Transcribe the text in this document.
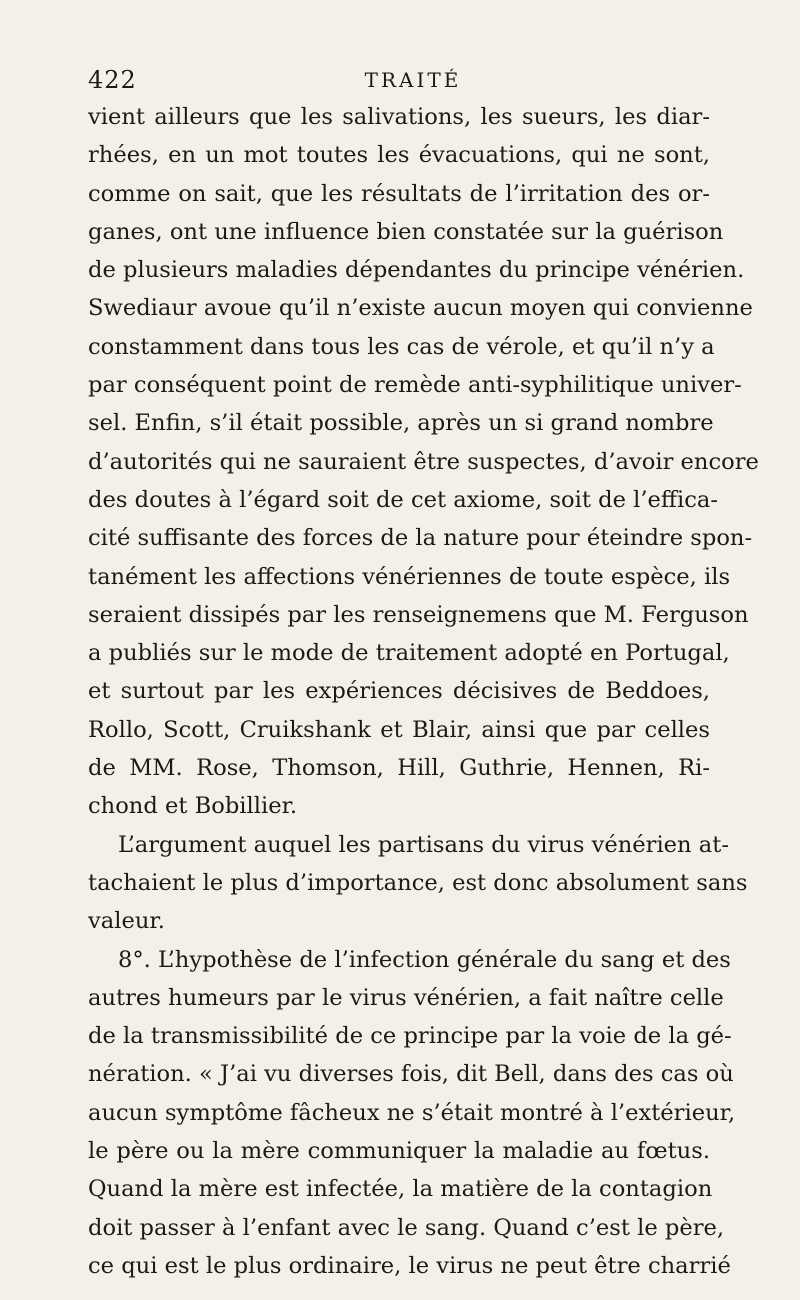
422	TRAITÉ
vient ailleurs que les salivations, les sueurs, les diar-
rhées, en un mot toutes les évacuations, qui ne sont,
comme on sait, que les résultats de l’irritation des or-
ganes, ont une influence bien constatée sur la guérison
de plusieurs maladies dépendantes du principe vénérien.
Swediaur avoue qu’il n’existe aucun moyen qui convienne
constamment dans tous les cas de vérole, et qu’il n’y a
par conséquent point de remède anti-syphilitique univer-
sel. Enfin, s’il était possible, après un si grand nombre
d’autorités qui ne sauraient être suspectes, d’avoir encore
des doutes à l’égard soit de cet axiome, soit de l’effica-
cité suffisante des forces de la nature pour éteindre spon-
tanément les affections vénériennes de toute espèce, ils
seraient dissipés par les renseignemens que M. Ferguson
a publiés sur le mode de traitement adopté en Portugal,
et surtout par les expériences décisives de Beddoes,
Rollo, Scott, Cruikshank et Blair, ainsi que par celles
de MM. Rose, Thomson, Hill, Guthrie, Hennen, Ri-
chond et Bobillier.
L’argument auquel les partisans du virus vénérien at-
tachaient le plus d’importance, est donc absolument sans
valeur.
8°. L’hypothèse de l’infection générale du sang et des
autres humeurs par le virus vénérien, a fait naître celle
de la transmissibilité de ce principe par la voie de la gé-
nération. « J’ai vu diverses fois, dit Bell, dans des cas où
aucun symptôme fâcheux ne s’était montré à l’extérieur,
le père ou la mère communiquer la maladie au fœtus.
Quand la mère est infectée, la matière de la contagion
doit passer à l’enfant avec le sang. Quand c’est le père,
ce qui est le plus ordinaire, le virus ne peut être charrié
